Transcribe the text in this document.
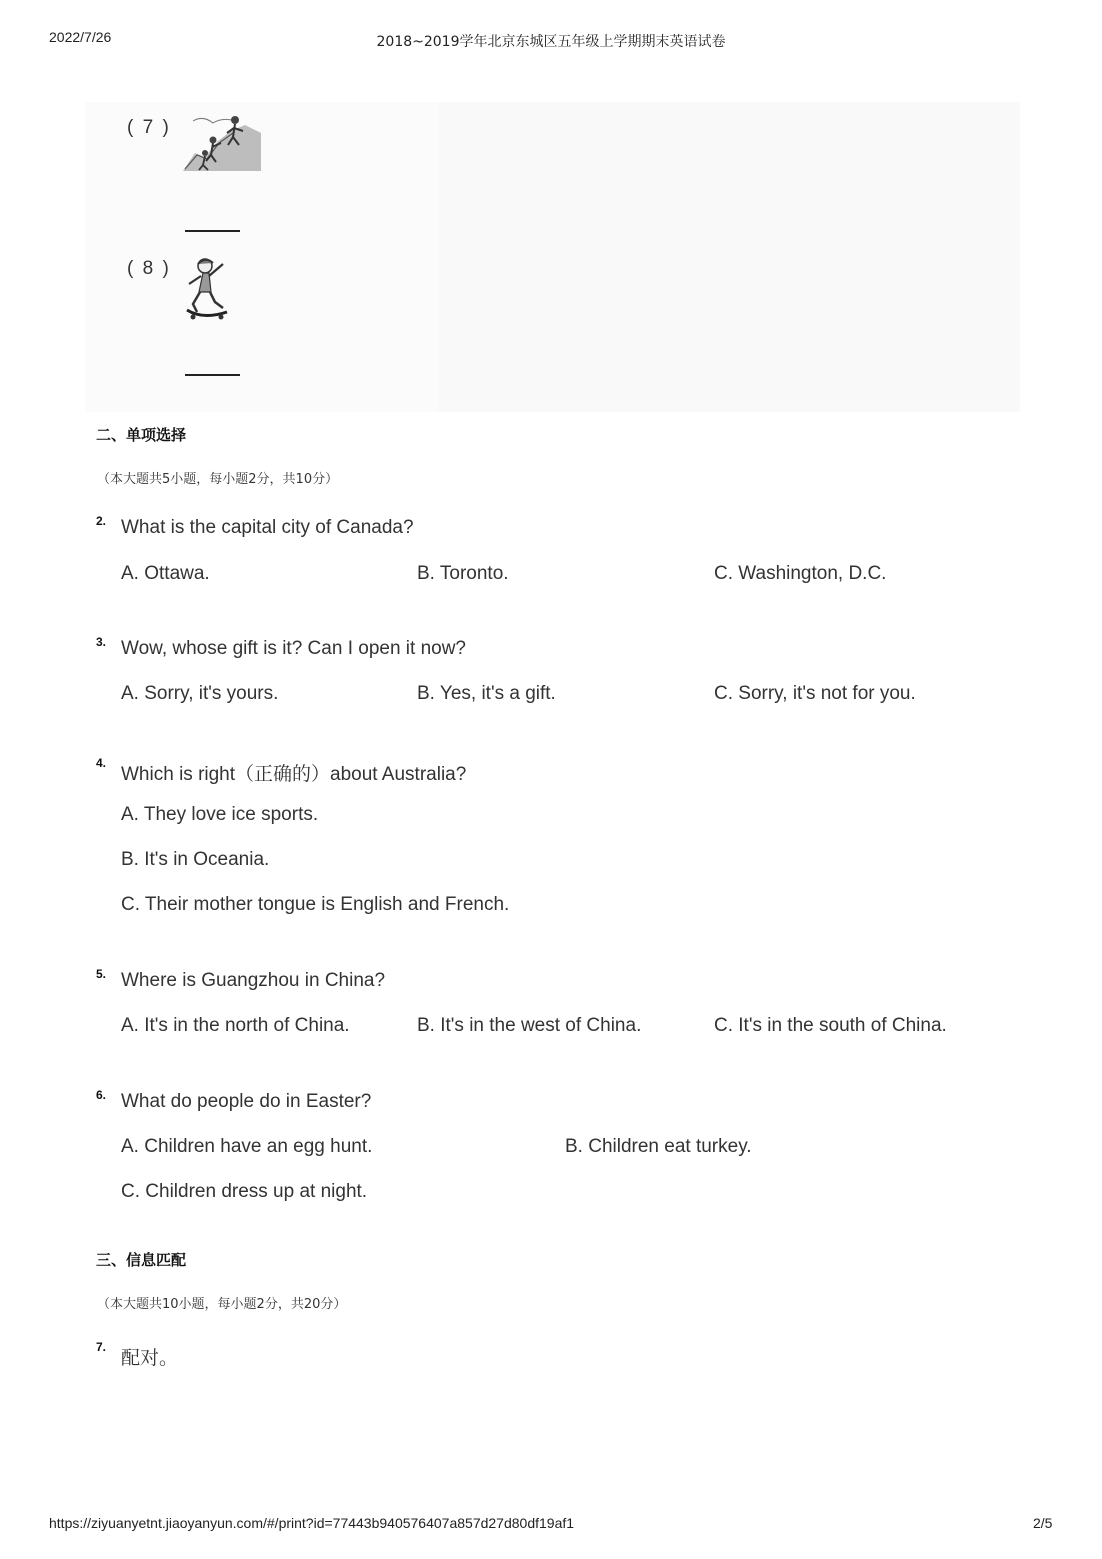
2022/7/26	2018~2019学年北京东城区五年级上学期期末英语试卷
( 7 )
( 8 )
二、单项选择
（本大题共5小题，每小题2分，共10分）
2. What is the capital city of Canada?
A. Ottawa.	B. Toronto.	C. Washington, D.C.
3. Wow, whose gift is it? Can I open it now?
A. Sorry, it's yours.	B. Yes, it's a gift.	C. Sorry, it's not for you.
4.
Which is right（正确的）about Australia?
A. They love ice sports.
B. It's in Oceania.
C. Their mother tongue is English and French.
5. Where is Guangzhou in China?
A. It's in the north of China.	B. It's in the west of China.	C. It's in the south of China.
6. What do people do in Easter?
A. Children have an egg hunt.	B. Children eat turkey.
C. Children dress up at night.
三、信息匹配
（本大题共10小题，每小题2分，共20分）
7. 配对。
https://ziyuanyetnt.jiaoyanyun.com/#/print?id=77443b940576407a857d27d80df19af1	2/5
